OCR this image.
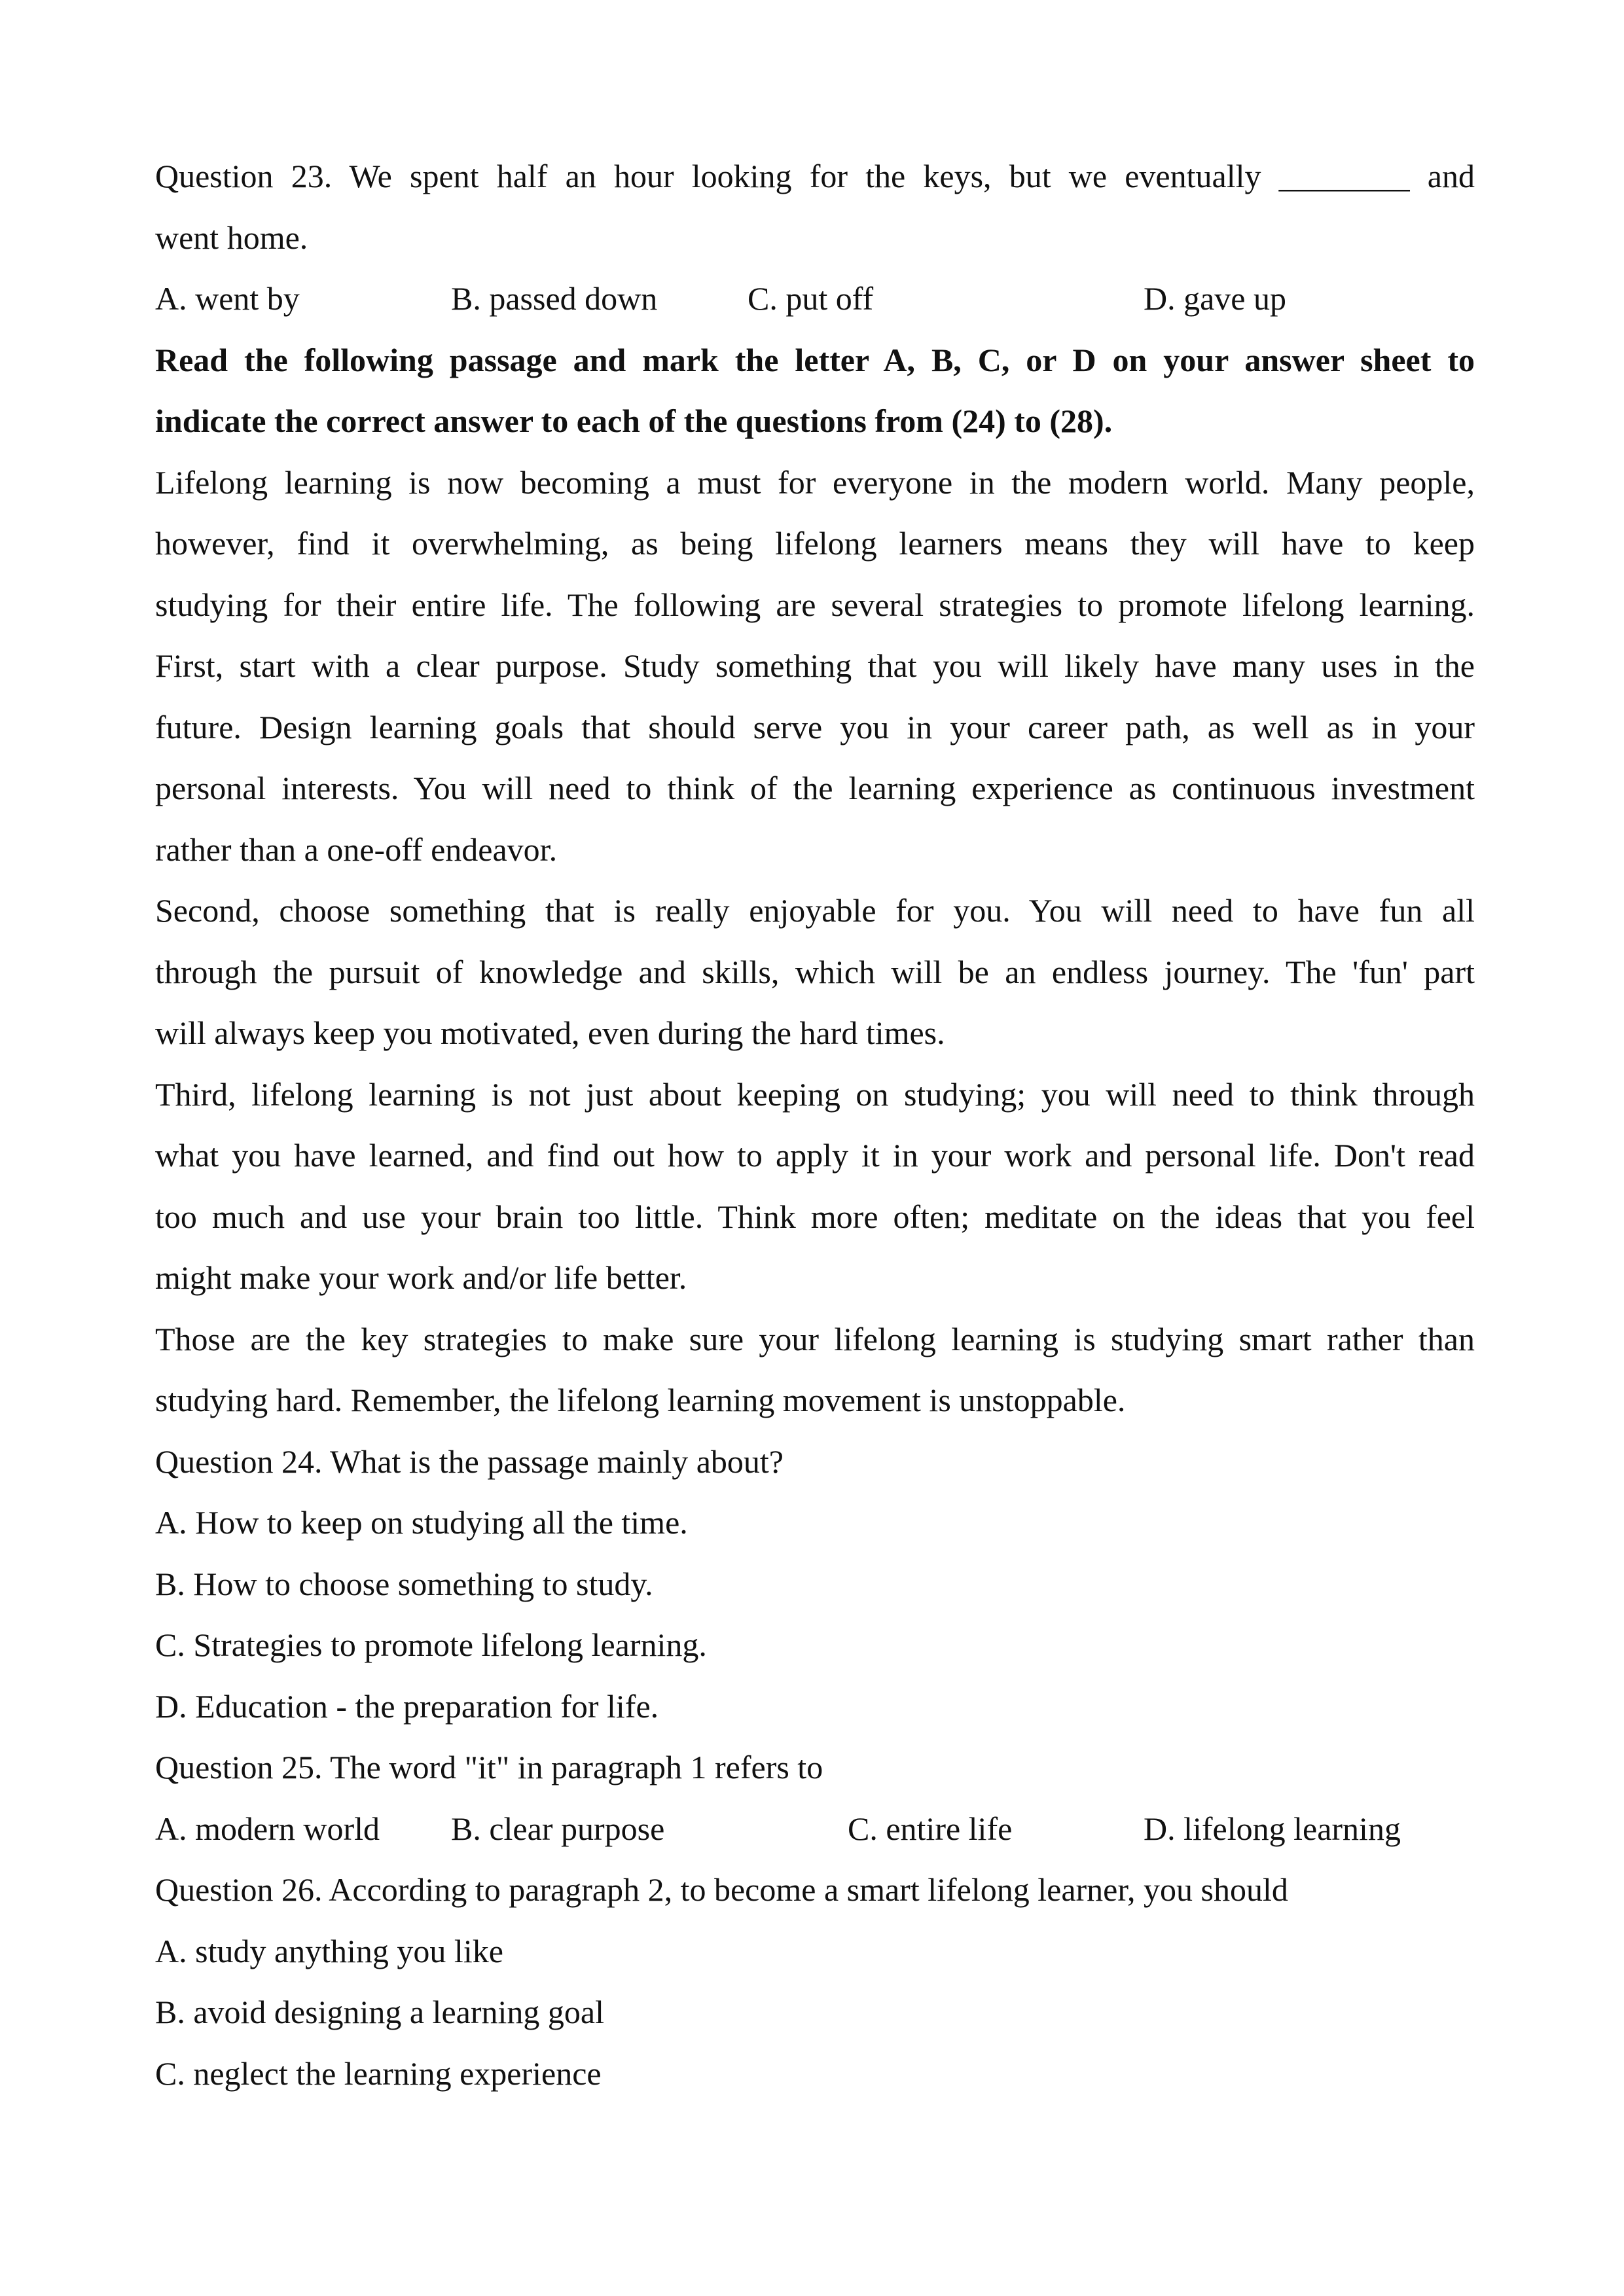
Question 23. We spent half an hour looking for the keys, but we eventually ________ and
went home.
A. went by	B. passed down	C. put off	D. gave up
Read the following passage and mark the letter A, B, C, or D on your answer sheet to
indicate the correct answer to each of the questions from (24) to (28).
Lifelong learning is now becoming a must for everyone in the modern world. Many people,
however, find it overwhelming, as being lifelong learners means they will have to keep
studying for their entire life. The following are several strategies to promote lifelong learning.
First, start with a clear purpose. Study something that you will likely have many uses in the
future. Design learning goals that should serve you in your career path, as well as in your
personal interests. You will need to think of the learning experience as continuous investment
rather than a one-off endeavor.
Second, choose something that is really enjoyable for you. You will need to have fun all
through the pursuit of knowledge and skills, which will be an endless journey. The 'fun' part
will always keep you motivated, even during the hard times.
Third, lifelong learning is not just about keeping on studying; you will need to think through
what you have learned, and find out how to apply it in your work and personal life. Don't read
too much and use your brain too little. Think more often; meditate on the ideas that you feel
might make your work and/or life better.
Those are the key strategies to make sure your lifelong learning is studying smart rather than
studying hard. Remember, the lifelong learning movement is unstoppable.
Question 24. What is the passage mainly about?
A. How to keep on studying all the time.
B. How to choose something to study.
C. Strategies to promote lifelong learning.
D. Education - the preparation for life.
Question 25. The word "it" in paragraph 1 refers to
A. modern world B. clear purpose	C. entire life	D. lifelong learning
Question 26. According to paragraph 2, to become a smart lifelong learner, you should
A. study anything you like
B. avoid designing a learning goal
C. neglect the learning experience
